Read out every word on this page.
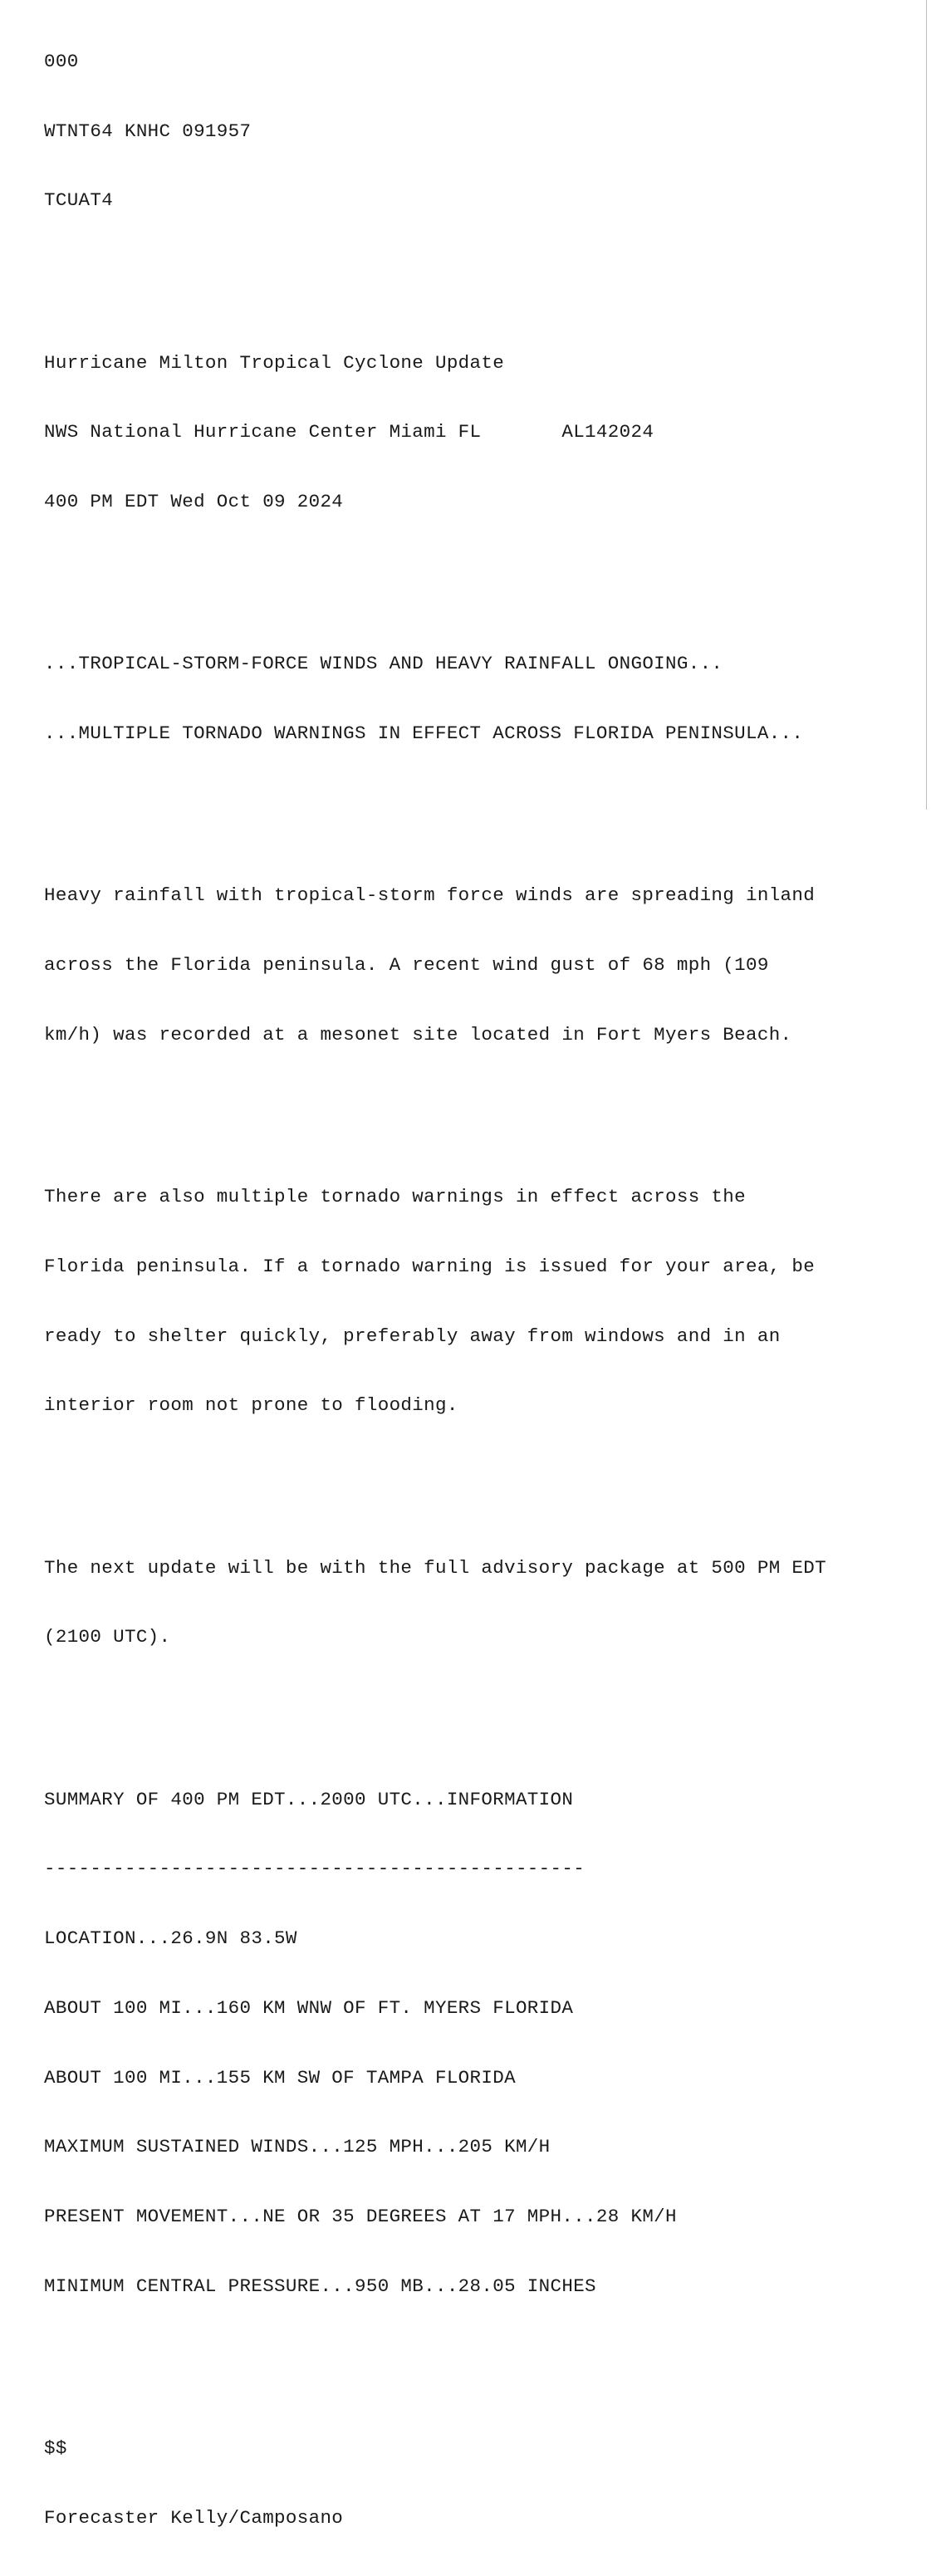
000

WTNT64 KNHC 091957

TCUAT4

Hurricane Milton Tropical Cyclone Update

NWS National Hurricane Center Miami FL       AL142024

400 PM EDT Wed Oct 09 2024

...TROPICAL-STORM-FORCE WINDS AND HEAVY RAINFALL ONGOING...

...MULTIPLE TORNADO WARNINGS IN EFFECT ACROSS FLORIDA PENINSULA...

Heavy rainfall with tropical-storm force winds are spreading inland

across the Florida peninsula. A recent wind gust of 68 mph (109

km/h) was recorded at a mesonet site located in Fort Myers Beach.

There are also multiple tornado warnings in effect across the

Florida peninsula. If a tornado warning is issued for your area, be

ready to shelter quickly, preferably away from windows and in an

interior room not prone to flooding.

The next update will be with the full advisory package at 500 PM EDT

(2100 UTC).

SUMMARY OF 400 PM EDT...2000 UTC...INFORMATION

-----------------------------------------------

LOCATION...26.9N 83.5W

ABOUT 100 MI...160 KM WNW OF FT. MYERS FLORIDA

ABOUT 100 MI...155 KM SW OF TAMPA FLORIDA

MAXIMUM SUSTAINED WINDS...125 MPH...205 KM/H

PRESENT MOVEMENT...NE OR 35 DEGREES AT 17 MPH...28 KM/H

MINIMUM CENTRAL PRESSURE...950 MB...28.05 INCHES

$$

Forecaster Kelly/Camposano
